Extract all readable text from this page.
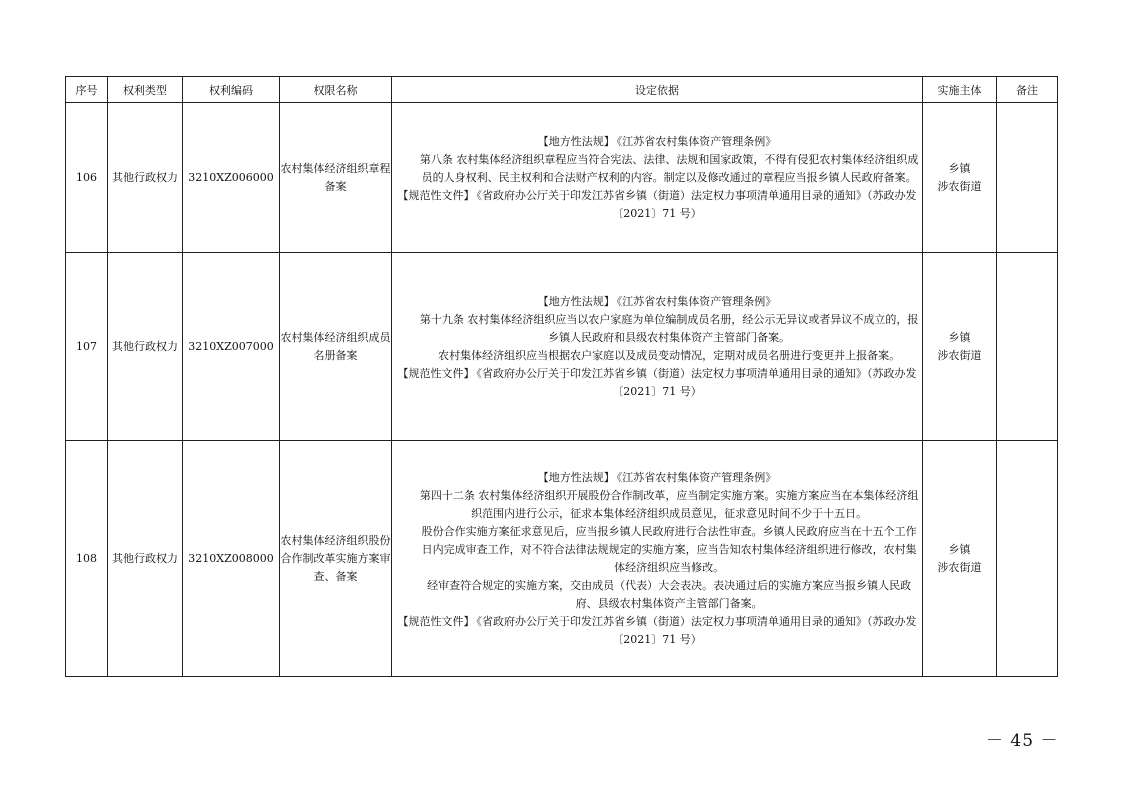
序号	权利类型	权利编码	权限名称	设定依据	实施主体	备注
106	其他行政权力	3210XZ006000	农村集体经济组织章程备案	【地方性法规】 《江苏省农村集体资产管理条例》
第八条 农村集体经济组织章程应当符合宪法、法律、法规和国家政策，不得有侵犯农村集体经济组织成员的人身权利、民主权利和合法财产权利的内容。制定以及修改通过的章程应当报乡镇人民政府备案。
【规范性文件】 《省政府办公厅关于印发江苏省乡镇（街道）法定权力事项清单通用目录的通知》（苏政办发〔2021〕71 号）	乡镇
涉农街道	

107	其他行政权力	3210XZ007000	农村集体经济组织成员名册备案	【地方性法规】 《江苏省农村集体资产管理条例》
第十九条 农村集体经济组织应当以农户家庭为单位编制成员名册，经公示无异议或者异议不成立的，报乡镇人民政府和县级农村集体资产主管部门备案。
农村集体经济组织应当根据农户家庭以及成员变动情况，定期对成员名册进行变更并上报备案。
【规范性文件】 《省政府办公厅关于印发江苏省乡镇（街道）法定权力事项清单通用目录的通知》（苏政办发〔2021〕71 号）	乡镇
涉农街道	

108	其他行政权力	3210XZ008000	农村集体经济组织股份合作制改革实施方案审查、备案	【地方性法规】 《江苏省农村集体资产管理条例》
第四十二条 农村集体经济组织开展股份合作制改革，应当制定实施方案。实施方案应当在本集体经济组织范围内进行公示，征求本集体经济组织成员意见，征求意见时间不少于十五日。
股份合作实施方案征求意见后，应当报乡镇人民政府进行合法性审查。乡镇人民政府应当在十五个工作日内完成审查工作，对不符合法律法规规定的实施方案，应当告知农村集体经济组织进行修改，农村集体经济组织应当修改。
经审查符合规定的实施方案，交由成员（代表）大会表决。表决通过后的实施方案应当报乡镇人民政府、县级农村集体资产主管部门备案。
【规范性文件】 《省政府办公厅关于印发江苏省乡镇（街道）法定权力事项清单通用目录的通知》（苏政办发〔2021〕71 号）	乡镇
涉农街道	

－ 45 －
